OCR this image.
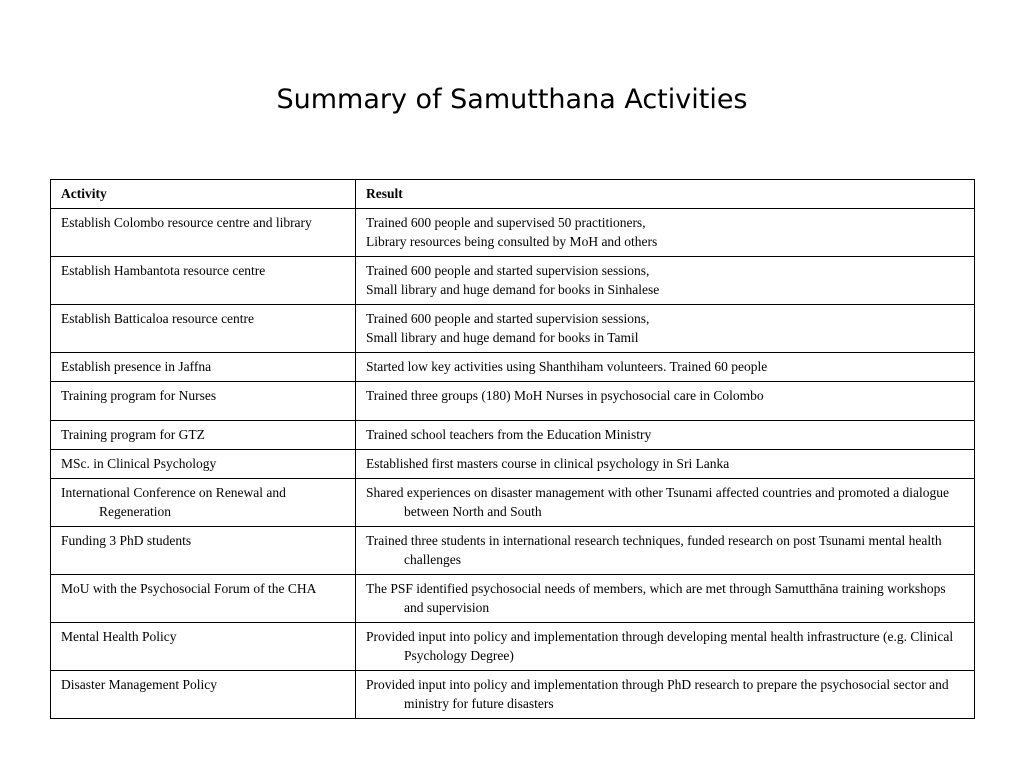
Summary of Samutthana Activities
Activity	Result

Establish Colombo resource centre and library	Trained 600 people and supervised 50 practitioners,
Library resources being consulted by MoH and others

Establish Hambantota resource centre	Trained 600 people and started supervision sessions,
Small library and huge demand for books in Sinhalese

Establish Batticaloa resource centre	Trained 600 people and started supervision sessions,
Small library and huge demand for books in Tamil

Establish presence in Jaffna	Started low key activities using Shanthiham volunteers. Trained 60 people

Training program for Nurses	Trained three groups (180) MoH Nurses in psychosocial care in Colombo

Training program for GTZ	Trained school teachers from the Education Ministry

MSc. in Clinical Psychology	Established first masters course in clinical psychology in Sri Lanka

International Conference on Renewal and Regeneration	Shared experiences on disaster management with other Tsunami affected countries and promoted a dialogue between North and South

Funding 3 PhD students	Trained three students in international research techniques, funded research on post Tsunami mental health challenges

MoU with the Psychosocial Forum of the CHA	The PSF identified psychosocial needs of members, which are met through Samutthāna training workshops and supervision

Mental Health Policy	Provided input into policy and implementation through developing mental health infrastructure (e.g. Clinical Psychology Degree)

Disaster Management Policy	Provided input into policy and implementation through PhD research to prepare the psychosocial sector and ministry for future disasters
